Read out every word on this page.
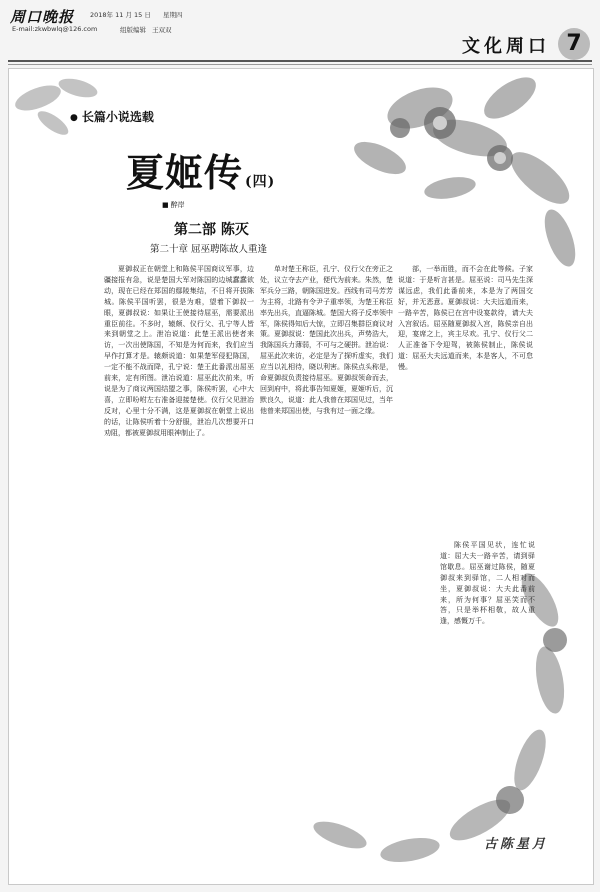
周口晚报 2018年 11 月 15 日 星期四
E-mail:zkwbwlq@126.com	组版编辑 王双双
文化周口 7
● 长篇小说选载
夏姬传 (四)
■ 醉岸
第二部 陈灭
第二十章 屈巫聘陈故人重逢

夏御叔正在朝堂上和陈侯平国商议军事，边疆接报有急，说是楚国大军对陈国的边城蠢蠢欲动，现在已经在郑国的鄢陵集结，不日将开拔陈城。陈侯平国听罢，很是为难，望着下御叔一眼，夏御叔说：如果让王使接待屈巫，需要派出重臣前往。不多时，辕颇、仪行父、孔宁等人皆来到朝堂之上。泄冶说道：此楚王派出使者来访，一次出使陈国，不知是为何而来，我们应当早作打算才是。辕颇说道：如果楚军侵犯陈国，一定不能不战而降，孔宁说：楚王此番派出屈巫前来，定有所图。泄冶说道：屈巫此次前来，听说是为了商议两国结盟之事，陈侯听罢，心中大喜，立即吩咐左右准备迎接楚使。仪行父见泄冶反对，心里十分不满，这是夏御叔在朝堂上说出的话，让陈侯听着十分舒服，泄冶几次想要开口劝阻，都被夏御叔用眼神制止了。

单对楚王称臣，孔宁、仪行父在旁正之处，议立夺去产业，便代为前来。朱然，楚军兵分三路，朝陈国进发。西线有司马芳芳为主将，北路有令尹子重率领，为楚王称臣率先出兵，直逼陈城。楚国大将子反率领中军，陈侯得知后大惊，立即召集群臣商议对策。夏御叔说：楚国此次出兵，声势浩大，我陈国兵力薄弱，不可与之硬拼。泄冶说：屈巫此次来访，必定是为了探听虚实，我们应当以礼相待，晓以利害。陈侯点头称是，命夏御叔负责接待屈巫。夏御叔领命而去，回到府中，将此事告知夏姬，夏姬听后，沉默良久，说道：此人我曾在郑国见过，当年他曾来郑国出使，与我有过一面之缘。

部，一举而胜，而不会在此等候。子家说道：于是听言甚是。屈巫说：司马先生深谋远虑，我们此番前来，本是为了两国交好，并无恶意。夏御叔说：大夫远道而来，一路辛苦，陈侯已在宫中设宴款待，请大夫入宫叙话。屈巫随夏御叔入宫，陈侯亲自出迎，宴席之上，宾主尽欢。孔宁、仪行父二人正准备下令迎驾，被陈侯制止，陈侯说道：屈巫大夫远道而来，本是客人，不可怠慢。

陈侯平国见状，连忙说道：屈大夫一路辛苦，请到驿馆歇息。屈巫谢过陈侯，随夏御叔来到驿馆，二人相对而坐，夏御叔说：大夫此番前来，所为何事？屈巫笑而不答，只是举杯相敬，故人重逢，感慨万千。

古陈星月
